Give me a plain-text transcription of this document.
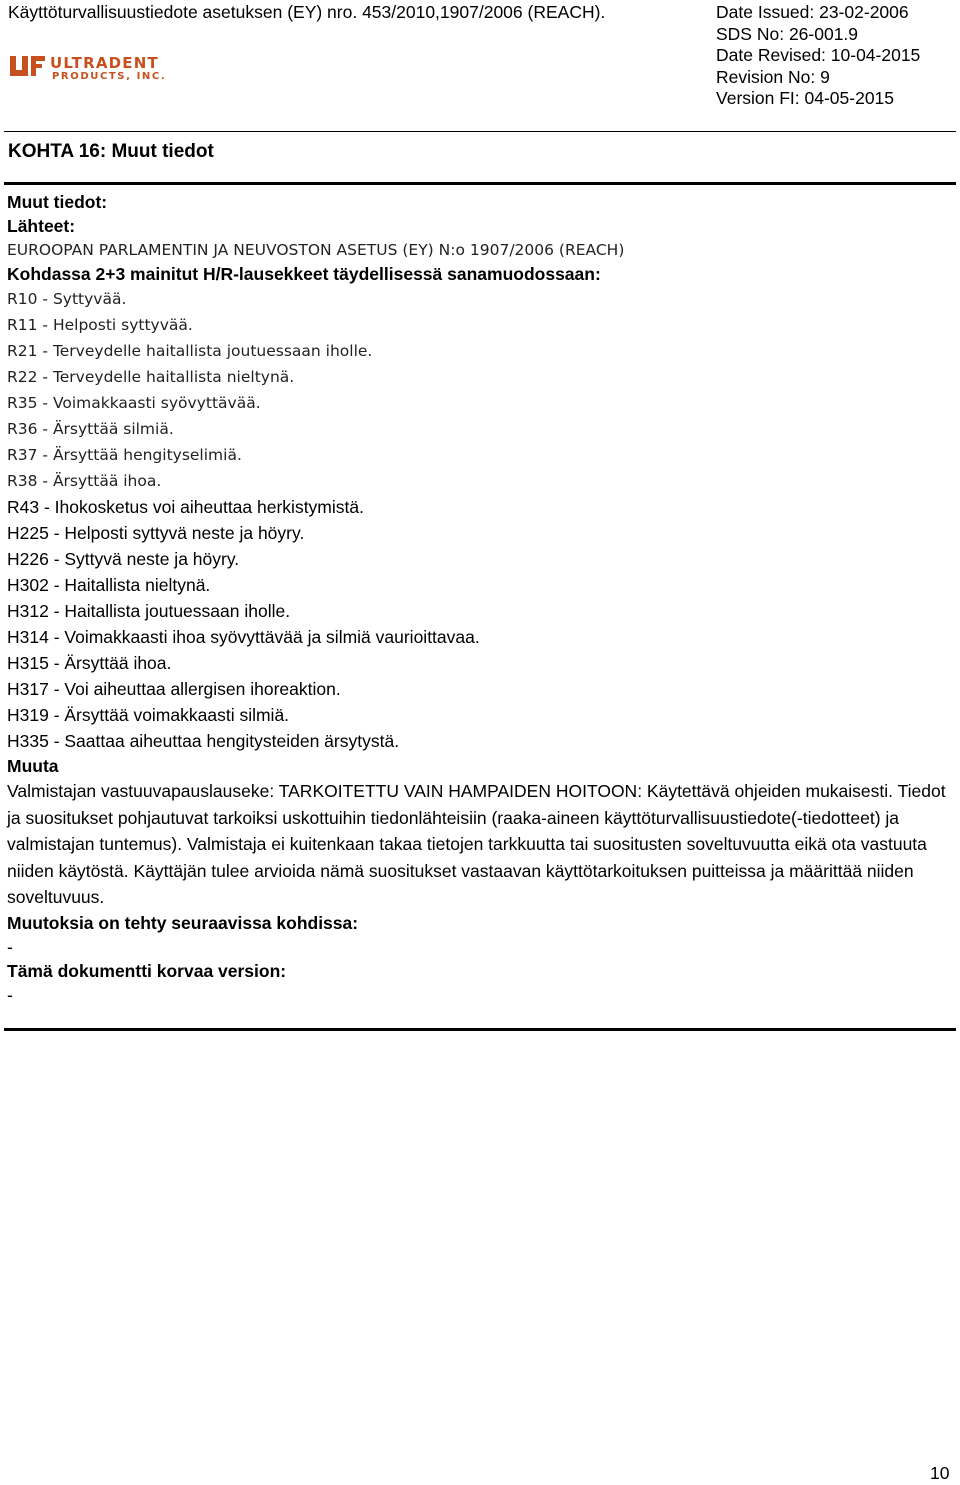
Käyttöturvallisuustiedote asetuksen (EY) nro. 453/2010,1907/2006 (REACH).	Date Issued: 23-02-2006
SDS No: 26-001.9
Date Revised: 10-04-2015
Revision No: 9
Version FI: 04-05-2015
ULTRADENT
PRODUCTS, INC.
KOHTA 16: Muut tiedot
Muut tiedot:
Lähteet:
EUROOPAN PARLAMENTIN JA NEUVOSTON ASETUS (EY) N:o 1907/2006 (REACH)
Kohdassa 2+3 mainitut H/R-lausekkeet täydellisessä sanamuodossaan:
R10 - Syttyvää.
R11 - Helposti syttyvää.
R21 - Terveydelle haitallista joutuessaan iholle.
R22 - Terveydelle haitallista nieltynä.
R35 - Voimakkaasti syövyttävää.
R36 - Ärsyttää silmiä.
R37 - Ärsyttää hengityselimiä.
R38 - Ärsyttää ihoa.
R43 - Ihokosketus voi aiheuttaa herkistymistä.
H225 - Helposti syttyvä neste ja höyry.
H226 - Syttyvä neste ja höyry.
H302 - Haitallista nieltynä.
H312 - Haitallista joutuessaan iholle.
H314 - Voimakkaasti ihoa syövyttävää ja silmiä vaurioittavaa.
H315 - Ärsyttää ihoa.
H317 - Voi aiheuttaa allergisen ihoreaktion.
H319 - Ärsyttää voimakkaasti silmiä.
H335 - Saattaa aiheuttaa hengitysteiden ärsytystä.
Muuta
Valmistajan vastuuvapauslauseke: TARKOITETTU VAIN HAMPAIDEN HOITOON: Käytettävä ohjeiden mukaisesti. Tiedot ja suositukset pohjautuvat tarkoiksi uskottuihin tiedonlähteisiin (raaka-aineen käyttöturvallisuustiedote(-tiedotteet) ja valmistajan tuntemus). Valmistaja ei kuitenkaan takaa tietojen tarkkuutta tai suositusten soveltuvuutta eikä ota vastuuta niiden käytöstä. Käyttäjän tulee arvioida nämä suositukset vastaavan käyttötarkoituksen puitteissa ja määrittää niiden soveltuvuus.
Muutoksia on tehty seuraavissa kohdissa:
-
Tämä dokumentti korvaa version:
-
10
